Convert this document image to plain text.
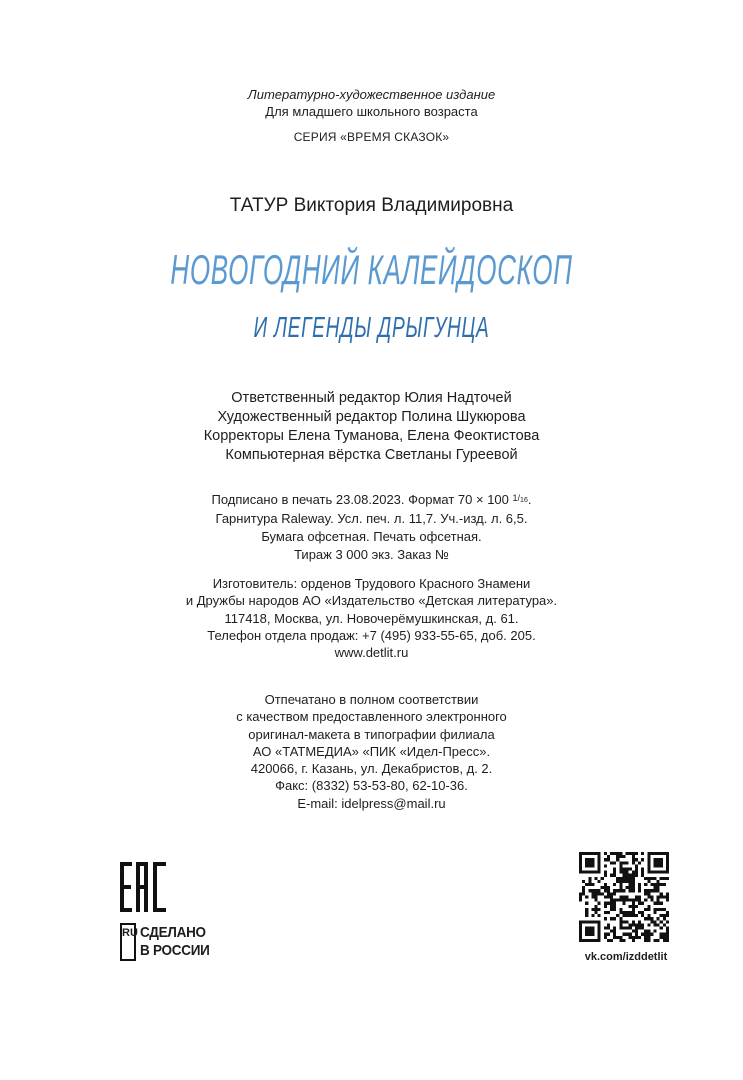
Литературно-художественное издание
Для младшего школьного возраста
СЕРИЯ «ВРЕМЯ СКАЗОК»
ТАТУР Виктория Владимировна
НОВОГОДНИЙ КАЛЕЙДОСКОП
И ЛЕГЕНДЫ ДРЫГУНЦА
Ответственный редактор Юлия Надточей
Художественный редактор Полина Шукюрова
Корректоры Елена Туманова, Елена Феоктистова
Компьютерная вёрстка Светланы Гуреевой
Подписано в печать 23.08.2023. Формат 70 × 100 $^{1/_{16}}$.
Гарнитура Raleway. Усл. печ. л. 11,7. Уч.-изд. л. 6,5.
Бумага офсетная. Печать офсетная.
Тираж 3 000 экз. Заказ №
Изготовитель: орденов Трудового Красного Знамени
и Дружбы народов АО «Издательство «Детская литература».
117418, Москва, ул. Новочерёмушкинская, д. 61.
Телефон отдела продаж: +7 (495) 933-55-65, доб. 205.
www.detlit.ru
Отпечатано в полном соответствии
с качеством предоставленного электронного
оригинал-макета в типографии филиала
АО «ТАТМЕДИА» «ПИК «Идел-Пресс».
420066, г. Казань, ул. Декабристов, д. 2.
Факс: (8332) 53-53-80, 62-10-36.
E-mail: idelpress@mail.ru
RU СДЕЛАНО
В РОССИИ	vk.com/izddetlit
